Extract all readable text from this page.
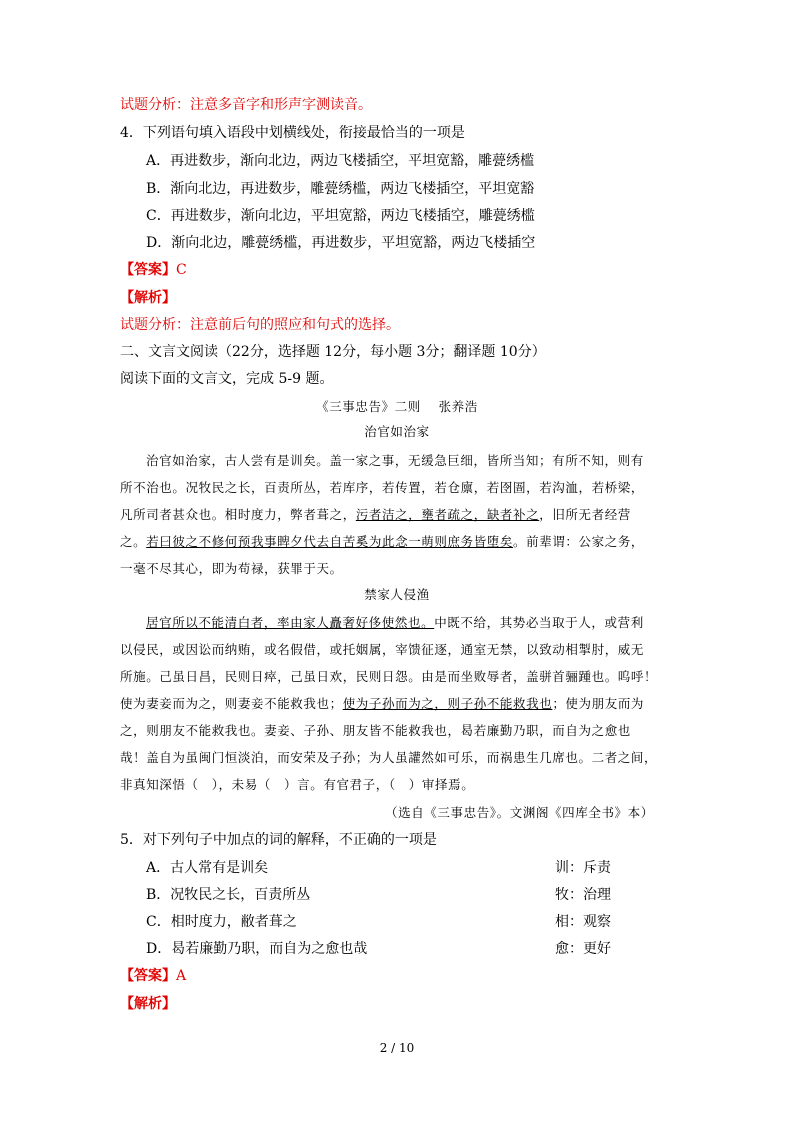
试题分析：注意多音字和形声字测读音。
4．下列语句填入语段中划横线处，衔接最恰当的一项是
A．再进数步，渐向北边，两边飞楼插空，平坦宽豁，雕甍绣槛
B．渐向北边，再进数步，雕甍绣槛，两边飞楼插空，平坦宽豁
C．再进数步，渐向北边，平坦宽豁，两边飞楼插空，雕甍绣槛
D．渐向北边，雕甍绣槛，再进数步，平坦宽豁，两边飞楼插空
【答案】C
【解析】
试题分析：注意前后句的照应和句式的选择。
二、文言文阅读（22分，选择题 12分，每小题 3分；翻译题 10分）
阅读下面的文言文，完成 5-9 题。
《三事忠告》二则　 张养浩
治官如治家
治官如治家，古人尝有是训矣。盖一家之事，无缓急巨细，皆所当知；有所不知，则有
所不治也。况牧民之长，百责所丛，若库序，若传置，若仓廪，若囹圄，若沟洫，若桥梁，
凡所司者甚众也。相时度力，弊者葺之，污者洁之，壅者疏之，缺者补之，旧所无者经营
之。若曰彼之不修何预我事睥夕代去自苦奚为此念一萌则庶务皆堕矣。前辈谓：公家之务，
一毫不尽其心，即为苟禄，获罪于天。
禁家人侵渔
居官所以不能清白者，率由家人矗奢好侈使然也。中既不给，其势必当取于人，或营利
以侵民，或因讼而纳贿，或名假借，或托姻属，宰馈征逐，通室无禁，以致动相掣肘，威无
所施。己虽日昌，民则日瘁，己虽日欢，民则日怨。由是而坐败辱者，盖骈首骊踵也。呜呼！
使为妻妾而为之，则妻妾不能救我也；使为子孙而为之，则子孙不能救我也；使为朋友而为
之，则朋友不能救我也。妻妾、子孙、朋友皆不能救我也，曷若廉勤乃职，而自为之愈也
哉！盖自为虽闽门恒淡泊，而安荣及子孙；为人虽讙然如可乐，而祸患生几席也。二者之间，
非真知深悟（　），未易（　）言。有官君子，（　）审择焉。
（选自《三事忠告》。文渊阁《四库全书》本）
5．对下列句子中加点的词的解释，不正确的一项是
A．古人常有是训矣	训：斥责
B．况牧民之长，百责所丛	牧：治理
C．相时度力，敝者葺之	相：观察
D．曷若廉勤乃职，而自为之愈也哉	愈：更好
【答案】A
【解析】
2 / 10
